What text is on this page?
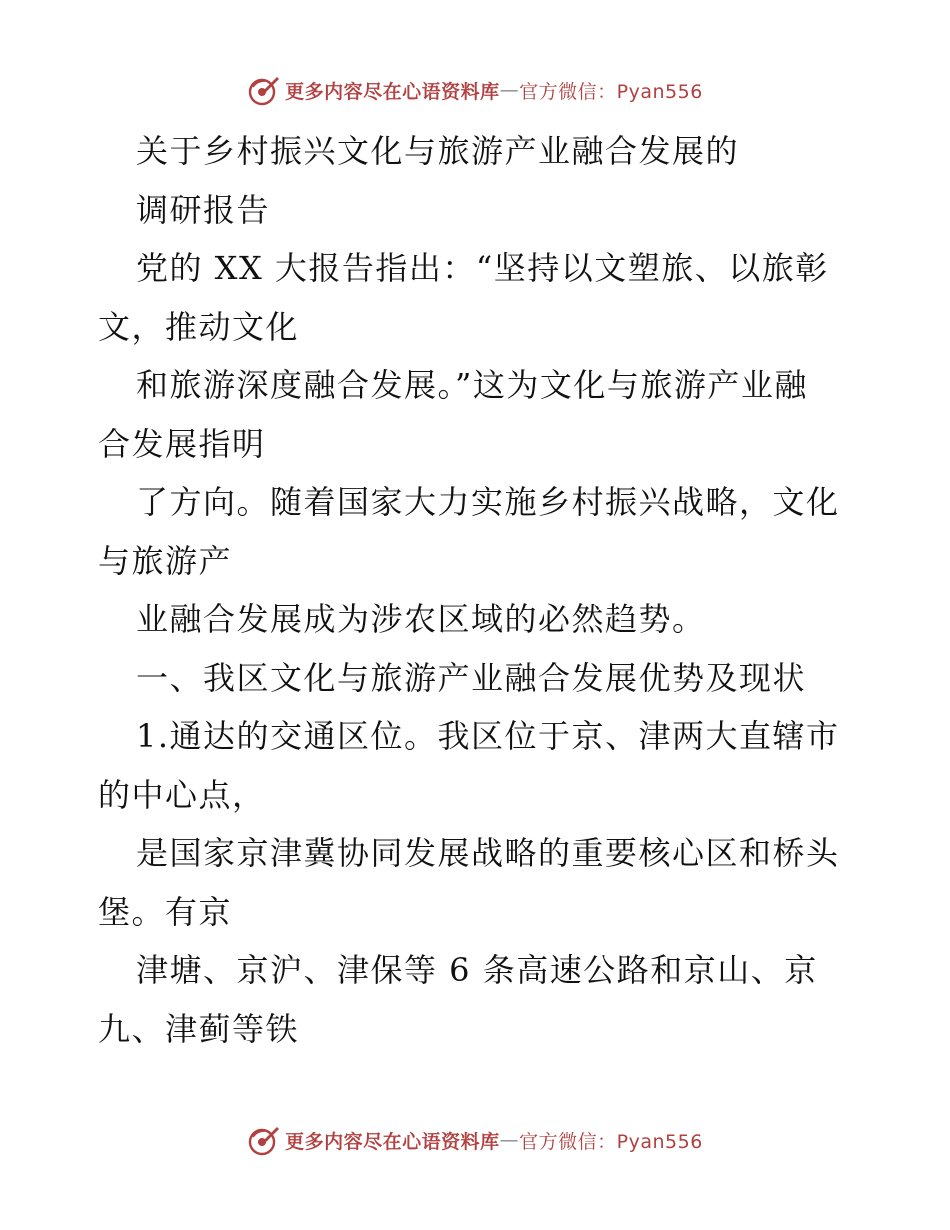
更多内容尽在心语资料库 — 官方微信：Pyan556
关于乡村振兴文化与旅游产业融合发展的
调研报告
党的 XX 大报告指出：“坚持以文塑旅、以旅彰
文，推动文化
和旅游深度融合发展。”这为文化与旅游产业融
合发展指明
了方向。随着国家大力实施乡村振兴战略，文化
与旅游产
业融合发展成为涉农区域的必然趋势。
一、我区文化与旅游产业融合发展优势及现状
1.通达的交通区位。我区位于京、津两大直辖市
的中心点，
是国家京津冀协同发展战略的重要核心区和桥头
堡。有京
津塘、京沪、津保等 6 条高速公路和京山、京
九、津蓟等铁
更多内容尽在心语资料库 — 官方微信：Pyan556
